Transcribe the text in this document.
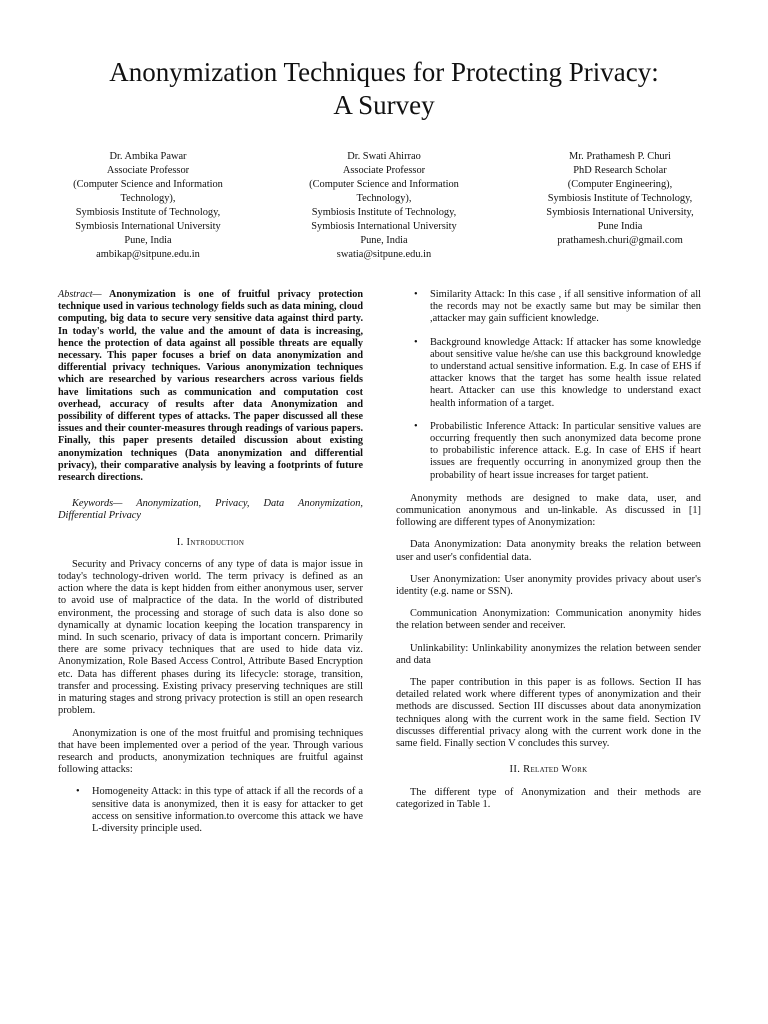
Anonymization Techniques for Protecting Privacy:
A Survey
Dr. Ambika Pawar
Associate Professor
(Computer Science and Information
Technology),
Symbiosis Institute of Technology,
Symbiosis International University
Pune, India
ambikap@sitpune.edu.in
Dr. Swati Ahirrao
Associate Professor
(Computer Science and Information
Technology),
Symbiosis Institute of Technology,
Symbiosis International University
Pune, India
swatia@sitpune.edu.in
Mr. Prathamesh P. Churi
PhD Research Scholar
(Computer Engineering),
Symbiosis Institute of Technology,
Symbiosis International University,
Pune India
prathamesh.churi@gmail.com

Abstract— Anonymization is one of fruitful privacy protection technique used in various technology fields such as data mining, cloud computing, big data to secure very sensitive data against third party. In today's world, the value and the amount of data is increasing, hence the protection of data against all possible threats are equally necessary. This paper focuses a brief on data anonymization and differential privacy techniques. Various anonymization techniques which are researched by various researchers across various fields have limitations such as communication and computation cost overhead, accuracy of results after data Anonymization and possibility of different types of attacks. The paper discussed all these issues and their counter-measures through readings of various papers. Finally, this paper presents detailed discussion about existing anonymization techniques (Data anonymization and differential privacy), their comparative analysis by leaving a footprints of future research directions.

Keywords— Anonymization, Privacy, Data Anonymization, Differential Privacy

I. Introduction

Security and Privacy concerns of any type of data is major issue in today's technology-driven world. The term privacy is defined as an action where the data is kept hidden from either anonymous user, server to avoid use of malpractice of the data. In the world of distributed environment, the processing and storage of such data is also done so dynamically at dynamic location keeping the location transparency in mind. In such scenario, privacy of data is important concern. Primarily there are some privacy techniques that are used to hide data viz. Anonymization, Role Based Access Control, Attribute Based Encryption etc. Data has different phases during its lifecycle: storage, transition, transfer and processing. Existing privacy preserving techniques are still in maturing stages and strong privacy protection is still an open research problem.

Anonymization is one of the most fruitful and promising techniques that have been implemented over a period of the year. Through various research and products, anonymization techniques are fruitful against following attacks:

• Homogeneity Attack: in this type of attack if all the records of a sensitive data is anonymized, then it is easy for attacker to get access on sensitive information.to overcome this attack we have L-diversity principle used.
• Similarity Attack: In this case , if all sensitive information of all the records may not be exactly same but may be similar then ,attacker may gain sufficient knowledge.
• Background knowledge Attack: If attacker has some knowledge about sensitive value he/she can use this background knowledge to understand actual sensitive information. E.g. In case of EHS if attacker knows that the target has some health issue related heart. Attacker can use this knowledge to understand exact health information of a target.
• Probabilistic Inference Attack: In particular sensitive values are occurring frequently then such anonymized data become prone to probabilistic inference attack. E.g. In case of EHS if heart issues are frequently occurring in anonymized group then the probability of heart issue increases for target patient.

Anonymity methods are designed to make data, user, and communication anonymous and un-linkable. As discussed in [1] following are different types of Anonymization:

Data Anonymization: Data anonymity breaks the relation between user and user's confidential data.

User Anonymization: User anonymity provides privacy about user's identity (e.g. name or SSN).

Communication Anonymization: Communication anonymity hides the relation between sender and receiver.

Unlinkability: Unlinkability anonymizes the relation between sender and data

The paper contribution in this paper is as follows. Section II has detailed related work where different types of anonymization and their methods are discussed. Section III discusses about data anonymization techniques along with the current work in the same field. Section IV discusses differential privacy along with the current work done in the same field. Finally section V concludes this survey.

II. Related Work

The different type of Anonymization and their methods are categorized in Table 1.
